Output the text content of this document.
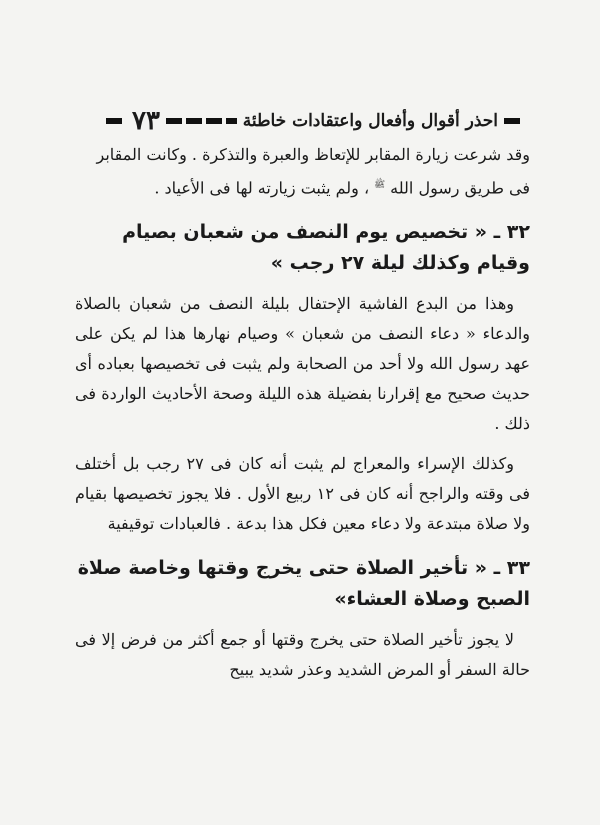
احذر أقوال وأفعال واعتقادات خاطئة
٧٣

وقد شرعت زيارة المقابر للإتعاظ والعبرة والتذكرة . وكانت المقابر

فى طريق رسول الله $^ﷺ$ ، ولم يثبت زيارته لها فى الأعياد .

٣٢ ـ « تخصيص يوم النصف من شعبان بصيام وقيام وكذلك ليلة ٢٧ رجب »

وهذا من البدع الفاشية الإحتفال بليلة النصف من شعبان بالصلاة والدعاء « دعاء النصف من شعبان » وصيام نهارها هذا لم يكن على عهد رسول الله ولا أحد من الصحابة ولم يثبت فى تخصيصها بعباده أى حديث صحيح مع إقرارنا بفضيلة هذه الليلة وصحة الأحاديث الواردة فى ذلك .

وكذلك الإسراء والمعراج لم يثبت أنه كان فى ٢٧ رجب بل أختلف فى وقته والراجح أنه كان فى ١٢ ربيع الأول . فلا يجوز تخصيصها بقيام ولا صلاة مبتدعة ولا دعاء معين فكل هذا بدعة . فالعبادات توقيفية

٣٣ ـ « تأخير الصلاة حتى يخرج وقتها وخاصة صلاة الصبح وصلاة العشاء»

لا يجوز تأخير الصلاة حتى يخرج وقتها أو جمع أكثر من فرض إلا فى حالة السفر أو المرض الشديد وعذر شديد يبيح
